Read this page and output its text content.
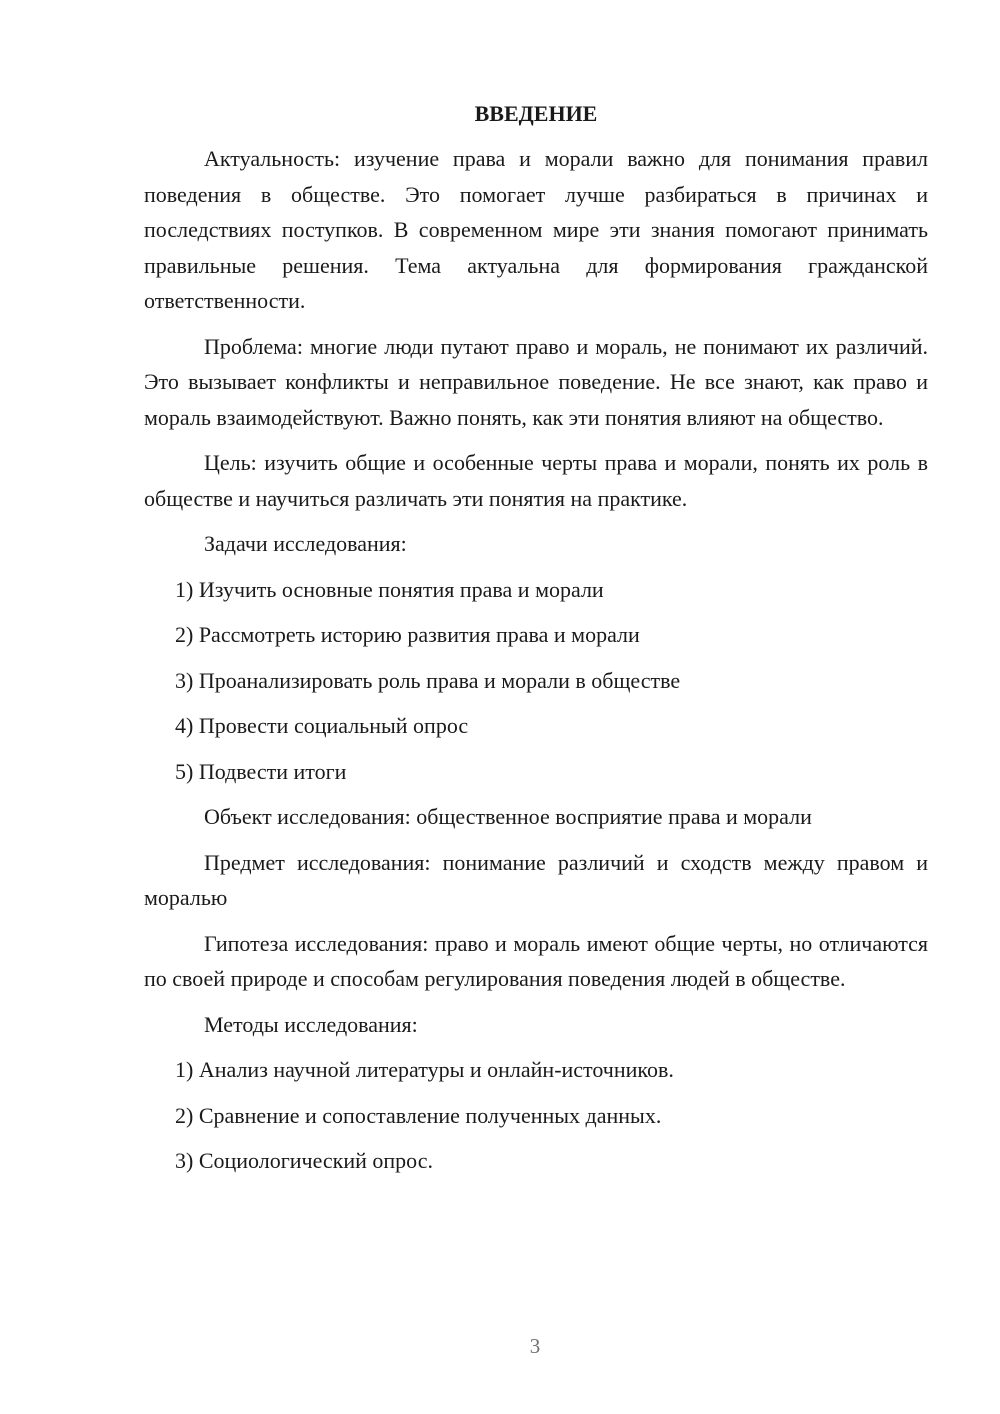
ВВЕДЕНИЕ
Актуальность: изучение права и морали важно для понимания правил поведения в обществе. Это помогает лучше разбираться в причинах и последствиях поступков. В современном мире эти знания помогают принимать правильные решения. Тема актуальна для формирования гражданской ответственности.
Проблема: многие люди путают право и мораль, не понимают их различий. Это вызывает конфликты и неправильное поведение. Не все знают, как право и мораль взаимодействуют. Важно понять, как эти понятия влияют на общество.
Цель: изучить общие и особенные черты права и морали, понять их роль в обществе и научиться различать эти понятия на практике.
Задачи исследования:
1) Изучить основные понятия права и морали
2) Рассмотреть историю развития права и морали
3) Проанализировать роль права и морали в обществе
4) Провести социальный опрос
5) Подвести итоги
Объект исследования: общественное восприятие права и морали
Предмет исследования: понимание различий и сходств между правом и моралью
Гипотеза исследования: право и мораль имеют общие черты, но отличаются по своей природе и способам регулирования поведения людей в обществе.
Методы исследования:
1) Анализ научной литературы и онлайн-источников.
2) Сравнение и сопоставление полученных данных.
3) Социологический опрос.
3
